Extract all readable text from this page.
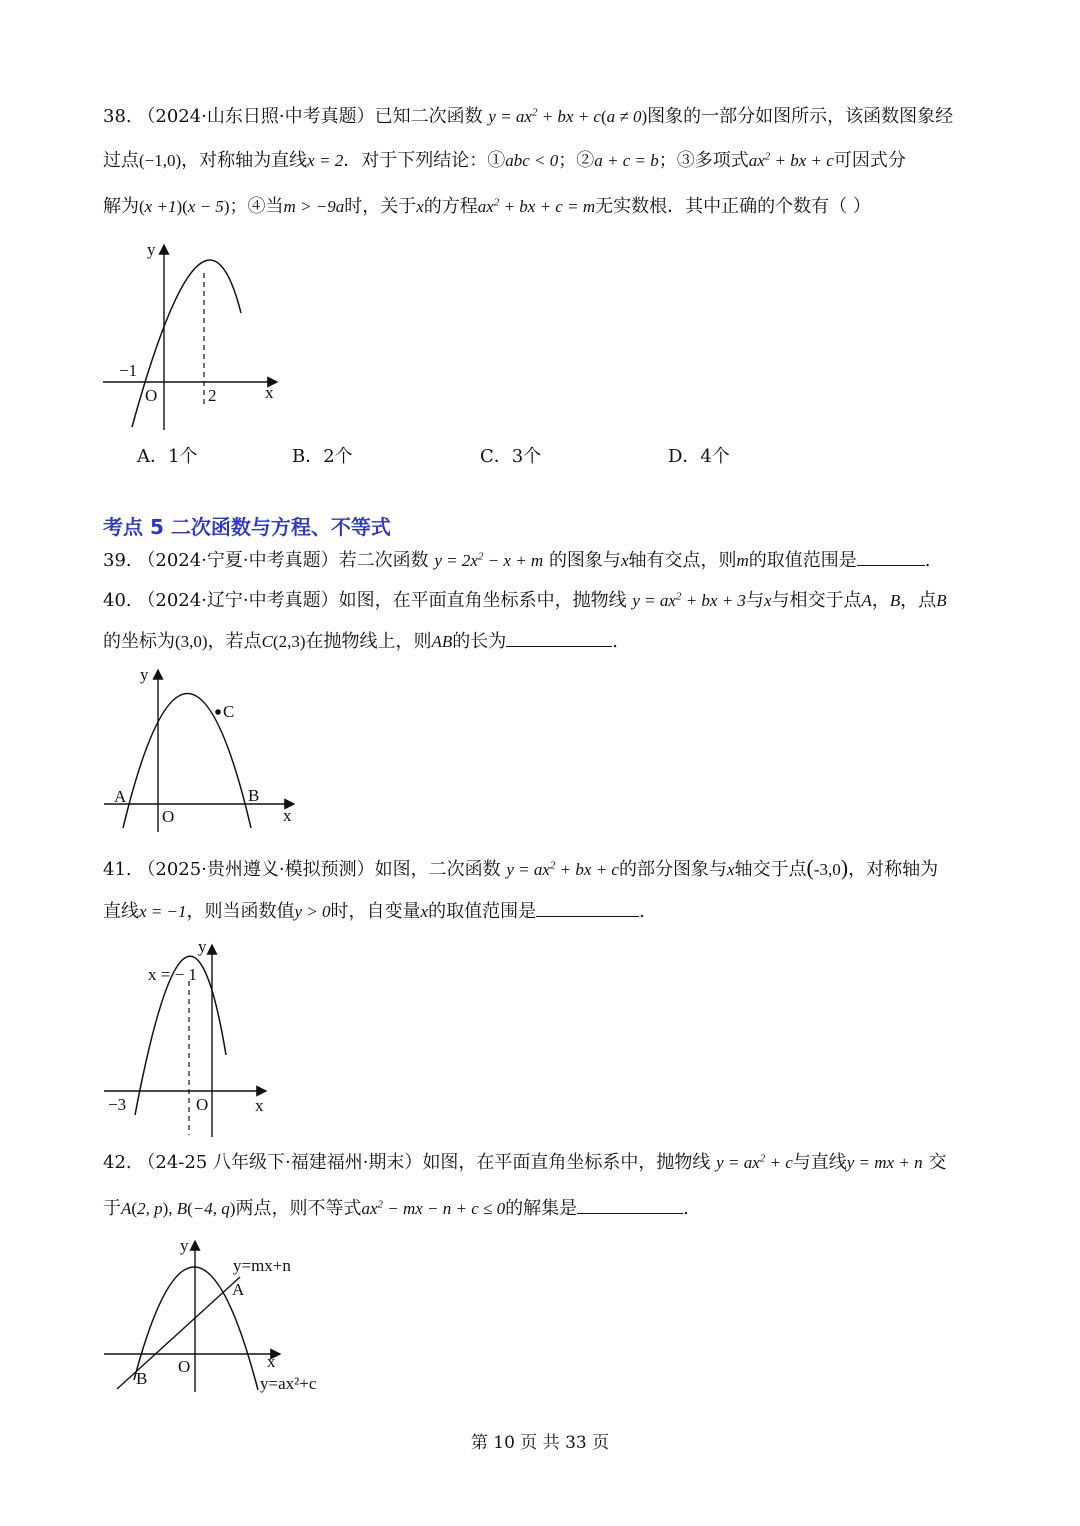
38. （2024·山东日照·中考真题）已知二次函数 $y = ax^2$ + bx + c(a ≠ 0)图象的一部分如图所示，该函数图象经
过点(−1,0)，对称轴为直线x = 2．对于下列结论：①abc < 0；②a + c = b；③多项式$ax^2$ + bx + c可因式分
解为(x +1)(x − 5)；④当m > −9a时，关于x的方程$ax^2$ + bx + c = m无实数根．其中正确的个数有（ ）
y
x
O
−1
2
A．1个	B．2个	C．3个	D．4个
考点 5 二次函数与方程、不等式
39. （2024·宁夏·中考真题）若二次函数 $y = 2x^2 - x + m$ 的图象与x轴有交点，则m的取值范围是	.
40. （2024·辽宁·中考真题）如图，在平面直角坐标系中，抛物线 $y = ax^2$ + bx + 3与x与相交于点A，B，点B
的坐标为(3,0)，若点C(2,3)在抛物线上，则AB的长为	.
y
x
O
A	B
C
41. （2025·贵州遵义·模拟预测）如图，二次函数 $y = ax^2$ + bx + c的部分图象与x轴交于点(-3,0)，对称轴为
直线x = −1，则当函数值y > 0时，自变量x的取值范围是	.
y
x
O
x = − 1
−3
42. （24-25 八年级下·福建福州·期末）如图，在平面直角坐标系中，抛物线 $y = ax^2 + c$与直线y = mx + n 交
于A(2, p), B(−4, q)两点，则不等式$ax^2$ − mx − n + c ≤ 0的解集是	.
y
x
O
A
B
y=mx+n
y=ax²+c
第 10 页 共 33 页
